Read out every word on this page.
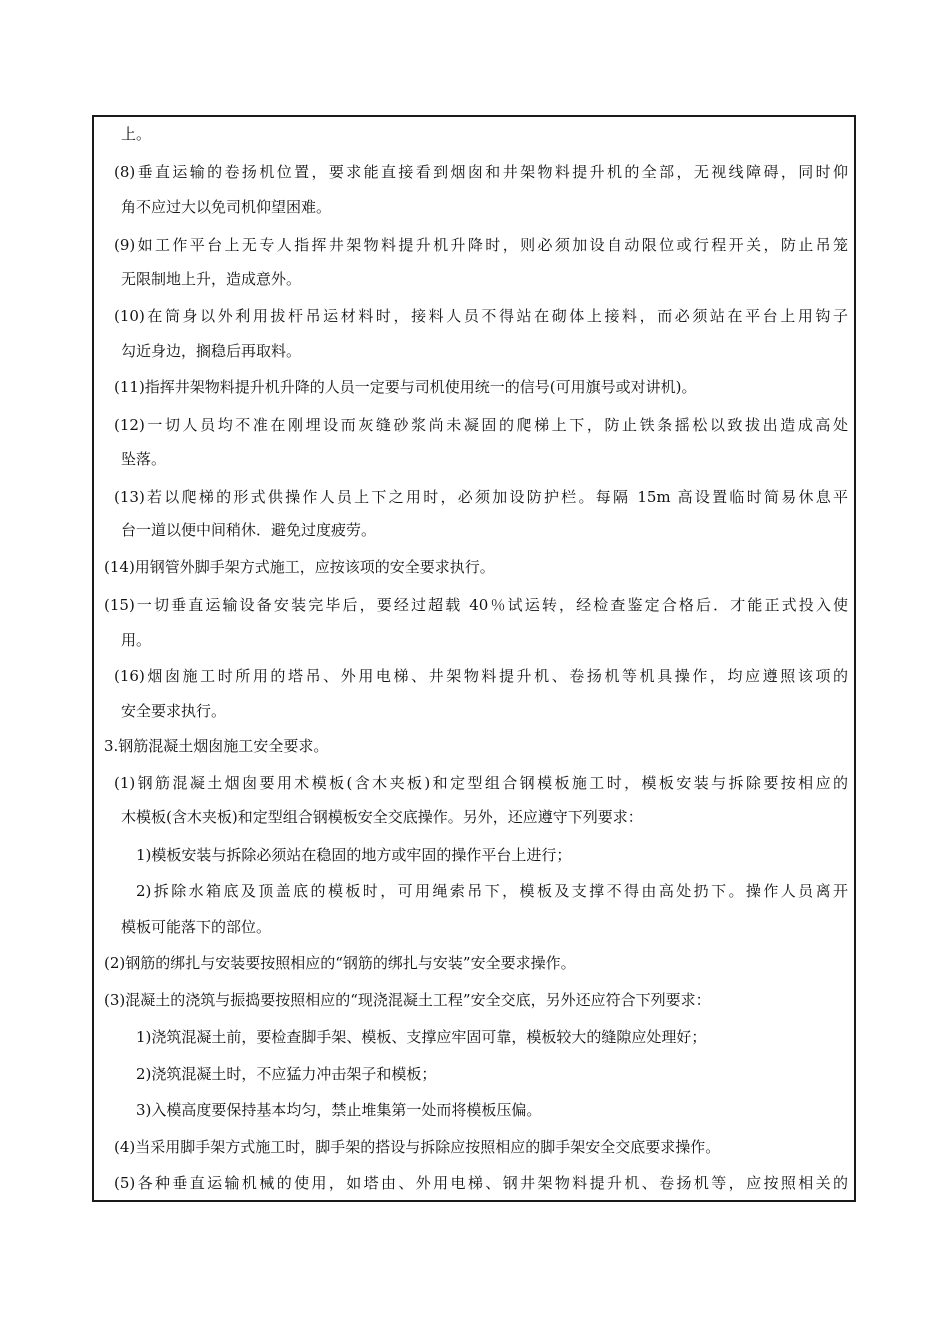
上。
(8)垂直运输的卷扬机位置，要求能直接看到烟囱和井架物料提升机的全部，无视线障碍，同时仰
角不应过大以免司机仰望困难。
(9)如工作平台上无专人指挥井架物料提升机升降时，则必须加设自动限位或行程开关，防止吊笼
无限制地上升，造成意外。
(10)在筒身以外利用拔杆吊运材料时，接料人员不得站在砌体上接料，而必须站在平台上用钩子
勾近身边，搁稳后再取料。
(11)指挥井架物料提升机升降的人员一定要与司机使用统一的信号(可用旗号或对讲机)。
(12)一切人员均不准在刚埋设而灰缝砂浆尚未凝固的爬梯上下，防止铁条摇松以致拔出造成高处
坠落。
(13)若以爬梯的形式供操作人员上下之用时，必须加设防护栏。每隔 15m 高设置临时简易休息平
台一道以便中间稍休．避免过度疲劳。
(14)用钢管外脚手架方式施工，应按该项的安全要求执行。
(15)一切垂直运输设备安装完毕后，要经过超载 40％试运转，经检查鉴定合格后．才能正式投入使
用。
(16)烟囱施工时所用的塔吊、外用电梯、井架物料提升机、卷扬机等机具操作，均应遵照该项的
安全要求执行。
3.钢筋混凝土烟囱施工安全要求。
(1)钢筋混凝土烟囱要用术模板(含木夹板)和定型组合钢模板施工时，模板安装与拆除要按相应的
木模板(含木夹板)和定型组合钢模板安全交底操作。另外，还应遵守下列要求：
1)模板安装与拆除必须站在稳固的地方或牢固的操作平台上进行；
2)拆除水箱底及顶盖底的模板时，可用绳索吊下，模板及支撑不得由高处扔下。操作人员离开
模板可能落下的部位。
(2)钢筋的绑扎与安装要按照相应的“钢筋的绑扎与安装”安全要求操作。
(3)混凝土的浇筑与振捣要按照相应的“现浇混凝土工程”安全交底，另外还应符合下列要求：
1)浇筑混凝土前，要检查脚手架、模板、支撑应牢固可靠，模板较大的缝隙应处理好；
2)浇筑混凝土时，不应猛力冲击架子和模板；
3)入模高度要保持基本均匀，禁止堆集第一处而将模板压偏。
(4)当采用脚手架方式施工时，脚手架的搭设与拆除应按照相应的脚手架安全交底要求操作。
(5)各种垂直运输机械的使用，如塔由、外用电梯、钢井架物料提升机、卷扬机等，应按照相关的
